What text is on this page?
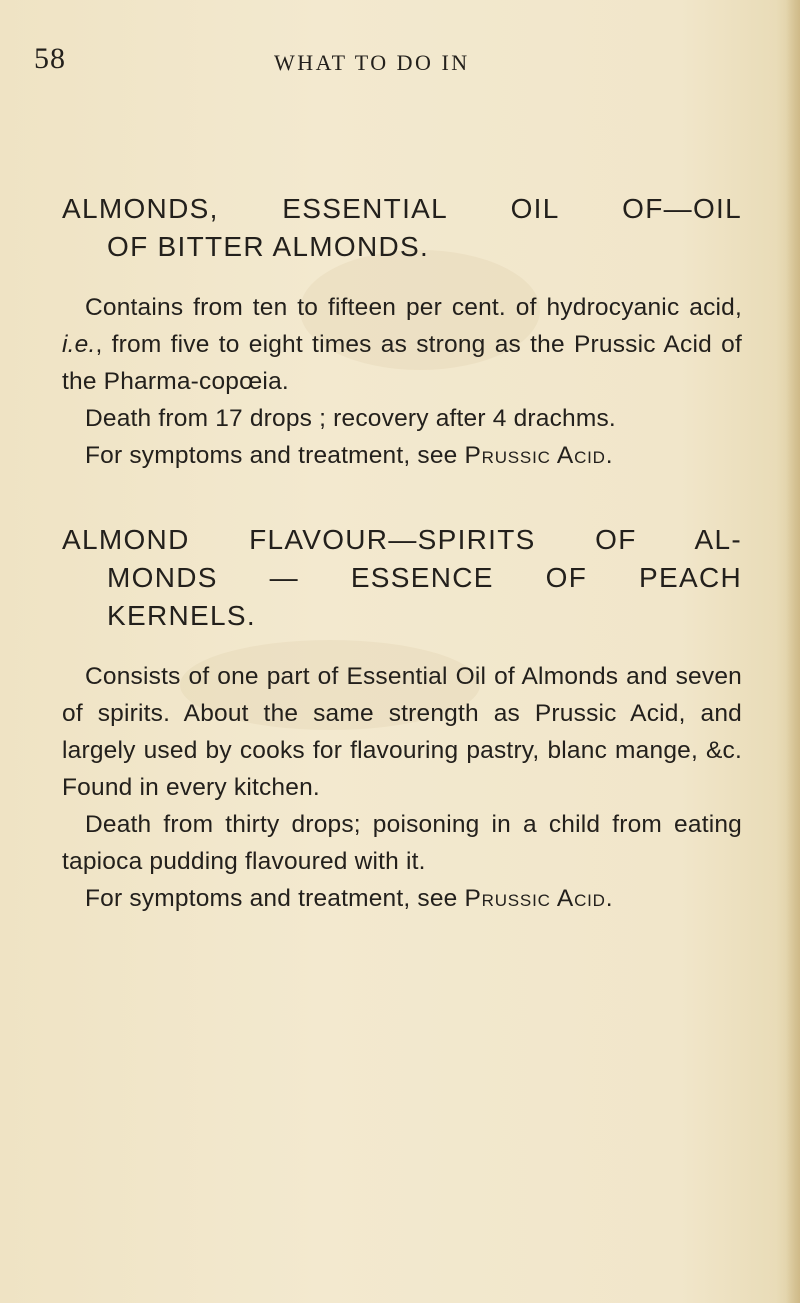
58	WHAT TO DO IN
ALMONDS, ESSENTIAL OIL OF—OIL
OF BITTER ALMONDS.

Contains from ten to fifteen per cent. of hydrocyanic acid, i.e., from five to eight times as strong as the Prussic Acid of the Pharma-copœia.

Death from 17 drops ; recovery after 4 drachms.

For symptoms and treatment, see Prussic Acid.

ALMOND FLAVOUR—SPIRITS OF AL-
MONDS — ESSENCE OF PEACH
KERNELS.

Consists of one part of Essential Oil of Almonds and seven of spirits. About the same strength as Prussic Acid, and largely used by cooks for flavouring pastry, blanc mange, &c. Found in every kitchen.

Death from thirty drops; poisoning in a child from eating tapioca pudding flavoured with it.

For symptoms and treatment, see Prussic Acid.
